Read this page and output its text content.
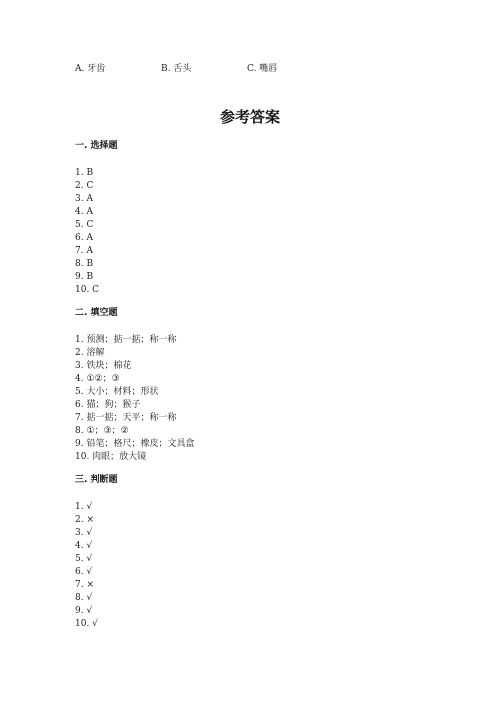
A. 牙齿	B. 舌头	C. 嘴唇
参考答案
一. 选择题
1. B
2. C
3. A
4. A
5. C
6. A
7. A
8. B
9. B
10. C
二. 填空题
1. 预测；掂一掂；称一称
2. 溶解
3. 铁块；棉花
4. ①②；③
5. 大小；材料；形状
6. 猫；狗；猴子
7. 掂一掂；天平；称一称
8. ①；③；②
9. 铅笔；格尺；橡皮；文具盒
10. 肉眼；放大镜
三. 判断题
1. √
2. ×
3. √
4. √
5. √
6. √
7. ×
8. √
9. √
10. √
